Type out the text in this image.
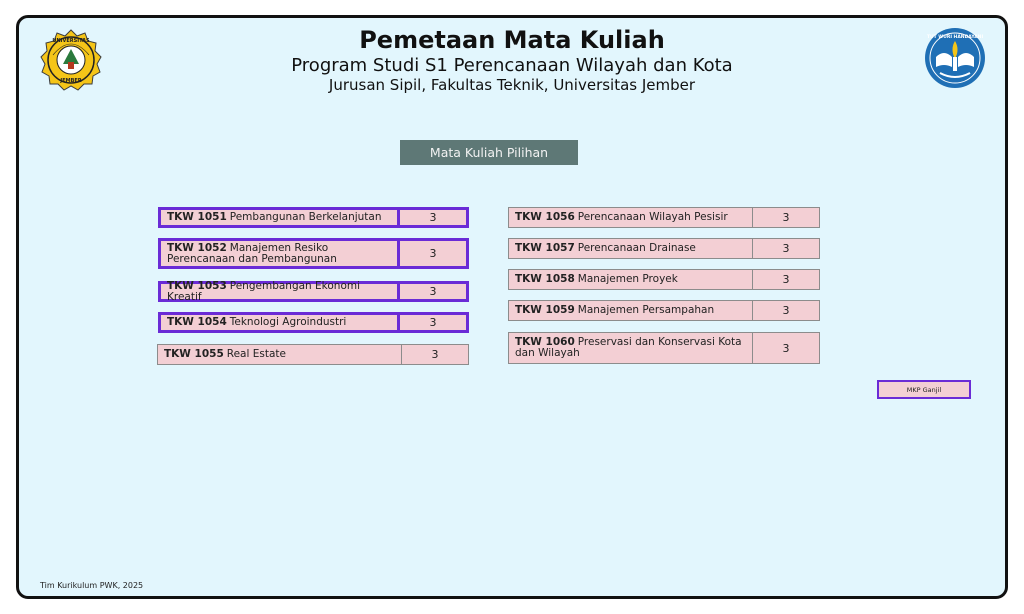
UNIVERSITAS
JEMBER
TUT WURI HANDAYANI
Pemetaan Mata Kuliah
Program Studi S1 Perencanaan Wilayah dan Kota
Jurusan Sipil, Fakultas Teknik, Universitas Jember
Mata Kuliah Pilihan
TKW 1051 Pembangunan Berkelanjutan	3
TKW 1052 Manajemen Resiko Perencanaan dan Pembangunan	3
TKW 1053 Pengembangan Ekonomi Kreatif	3
TKW 1054 Teknologi Agroindustri	3
TKW 1055 Real Estate	3
TKW 1056 Perencanaan Wilayah Pesisir	3
TKW 1057 Perencanaan Drainase	3
TKW 1058 Manajemen Proyek	3
TKW 1059 Manajemen Persampahan	3
TKW 1060 Preservasi dan Konservasi Kota dan Wilayah	3
MKP Ganjil
Tim Kurikulum PWK, 2025
